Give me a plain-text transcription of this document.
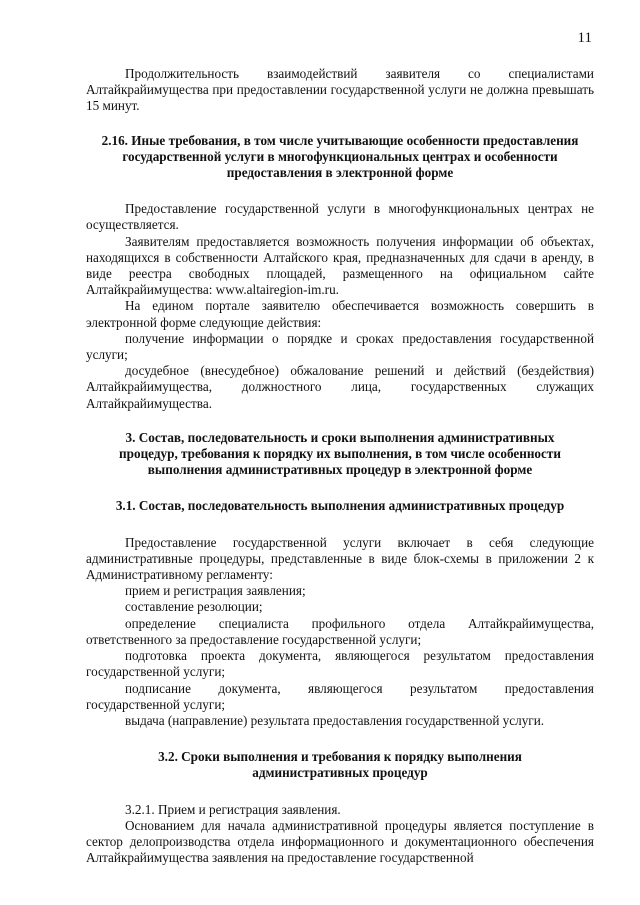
11

Продолжительность взаимодействий заявителя со специалистами Алтайкрайимущества при предоставлении государственной услуги не должна превышать 15 минут.

2.16. Иные требования, в том числе учитывающие особенности предоставления государственной услуги в многофункциональных центрах и особенности предоставления в электронной форме

Предоставление государственной услуги в многофункциональных центрах не осуществляется.

Заявителям предоставляется возможность получения информации об объектах, находящихся в собственности Алтайского края, предназначенных для сдачи в аренду, в виде реестра свободных площадей, размещенного на официальном сайте Алтайкрайимущества: www.altairegion-im.ru.

На едином портале заявителю обеспечивается возможность совершить в электронной форме следующие действия:

получение информации о порядке и сроках предоставления государственной услуги;

досудебное (внесудебное) обжалование решений и действий (бездействия) Алтайкрайимущества, должностного лица, государственных служащих Алтайкрайимущества.

3. Состав, последовательность и сроки выполнения административных процедур, требования к порядку их выполнения, в том числе особенности выполнения административных процедур в электронной форме

3.1. Состав, последовательность выполнения административных процедур

Предоставление государственной услуги включает в себя следующие административные процедуры, представленные в виде блок-схемы в приложении 2 к Административному регламенту:

прием и регистрация заявления;

составление резолюции;

определение специалиста профильного отдела Алтайкрайимущества, ответственного за предоставление государственной услуги;

подготовка проекта документа, являющегося результатом предоставления государственной услуги;

подписание документа, являющегося результатом предоставления государственной услуги;

выдача (направление) результата предоставления государственной услуги.

3.2. Сроки выполнения и требования к порядку выполнения административных процедур

3.2.1. Прием и регистрация заявления.

Основанием для начала административной процедуры является поступление в сектор делопроизводства отдела информационного и документационного обеспечения Алтайкрайимущества заявления на предоставление государственной
